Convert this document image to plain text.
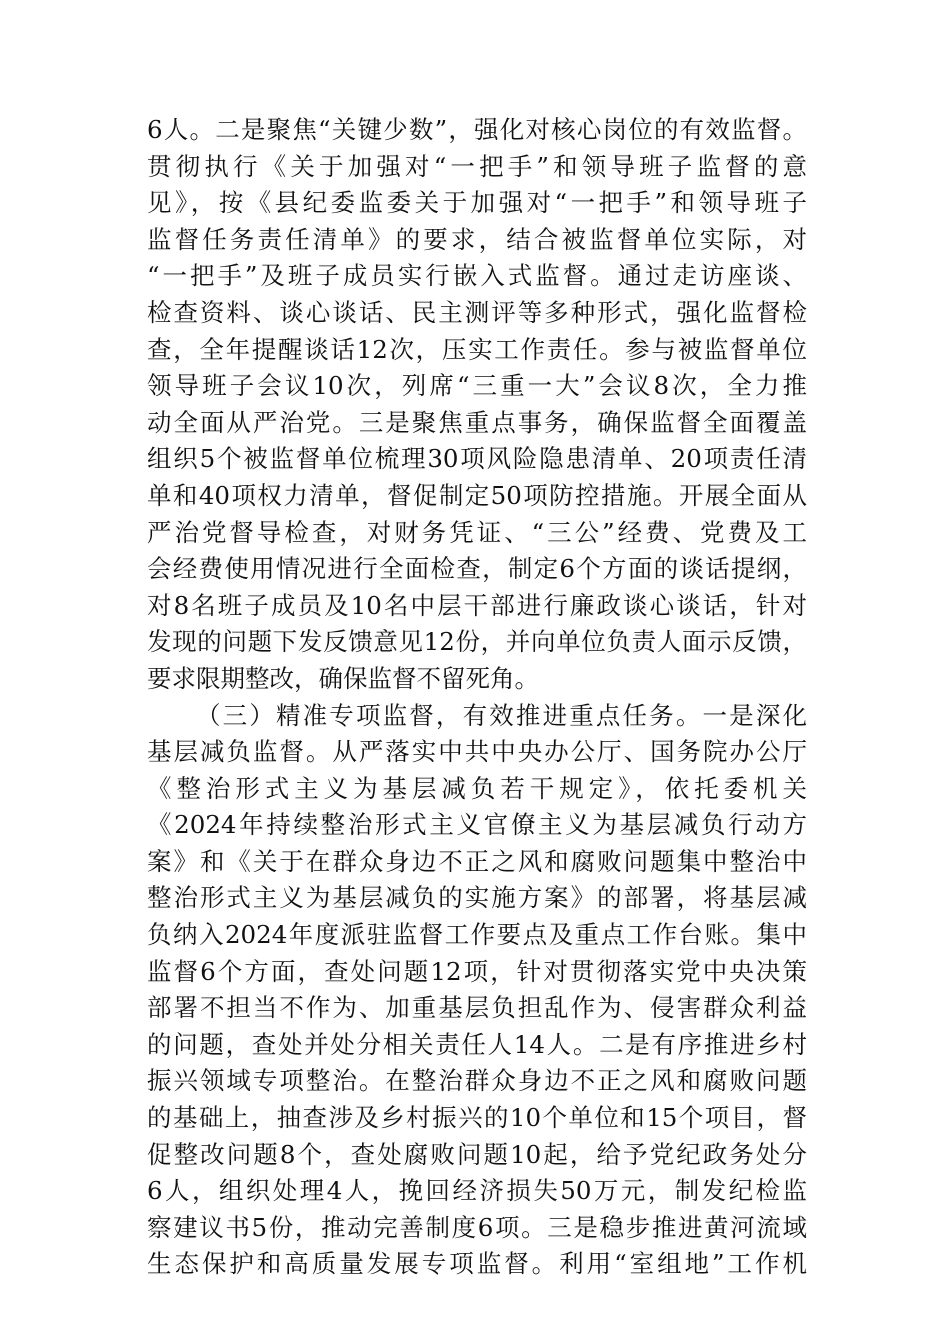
6人。二是聚焦“关键少数”，强化对核心岗位的有效监督。
贯彻执行《关于加强对“一把手”和领导班子监督的意
见》，按《县纪委监委关于加强对“一把手”和领导班子
监督任务责任清单》的要求，结合被监督单位实际，对
“一把手”及班子成员实行嵌入式监督。通过走访座谈、
检查资料、谈心谈话、民主测评等多种形式，强化监督检
查，全年提醒谈话12次，压实工作责任。参与被监督单位
领导班子会议10次，列席“三重一大”会议8次，全力推
动全面从严治党。三是聚焦重点事务，确保监督全面覆盖
组织5个被监督单位梳理30项风险隐患清单、20项责任清
单和40项权力清单，督促制定50项防控措施。开展全面从
严治党督导检查，对财务凭证、“三公”经费、党费及工
会经费使用情况进行全面检查，制定6个方面的谈话提纲，
对8名班子成员及10名中层干部进行廉政谈心谈话，针对
发现的问题下发反馈意见12份，并向单位负责人面示反馈，
要求限期整改，确保监督不留死角。
（三）精准专项监督，有效推进重点任务。一是深化
基层减负监督。从严落实中共中央办公厅、国务院办公厅
《整治形式主义为基层减负若干规定》，依托委机关
《2024年持续整治形式主义官僚主义为基层减负行动方
案》和《关于在群众身边不正之风和腐败问题集中整治中
整治形式主义为基层减负的实施方案》的部署，将基层减
负纳入2024年度派驻监督工作要点及重点工作台账。集中
监督6个方面，查处问题12项，针对贯彻落实党中央决策
部署不担当不作为、加重基层负担乱作为、侵害群众利益
的问题，查处并处分相关责任人14人。二是有序推进乡村
振兴领域专项整治。在整治群众身边不正之风和腐败问题
的基础上，抽查涉及乡村振兴的10个单位和15个项目，督
促整改问题8个，查处腐败问题10起，给予党纪政务处分
6人，组织处理4人，挽回经济损失50万元，制发纪检监
察建议书5份，推动完善制度6项。三是稳步推进黄河流域
生态保护和高质量发展专项监督。利用“室组地”工作机
